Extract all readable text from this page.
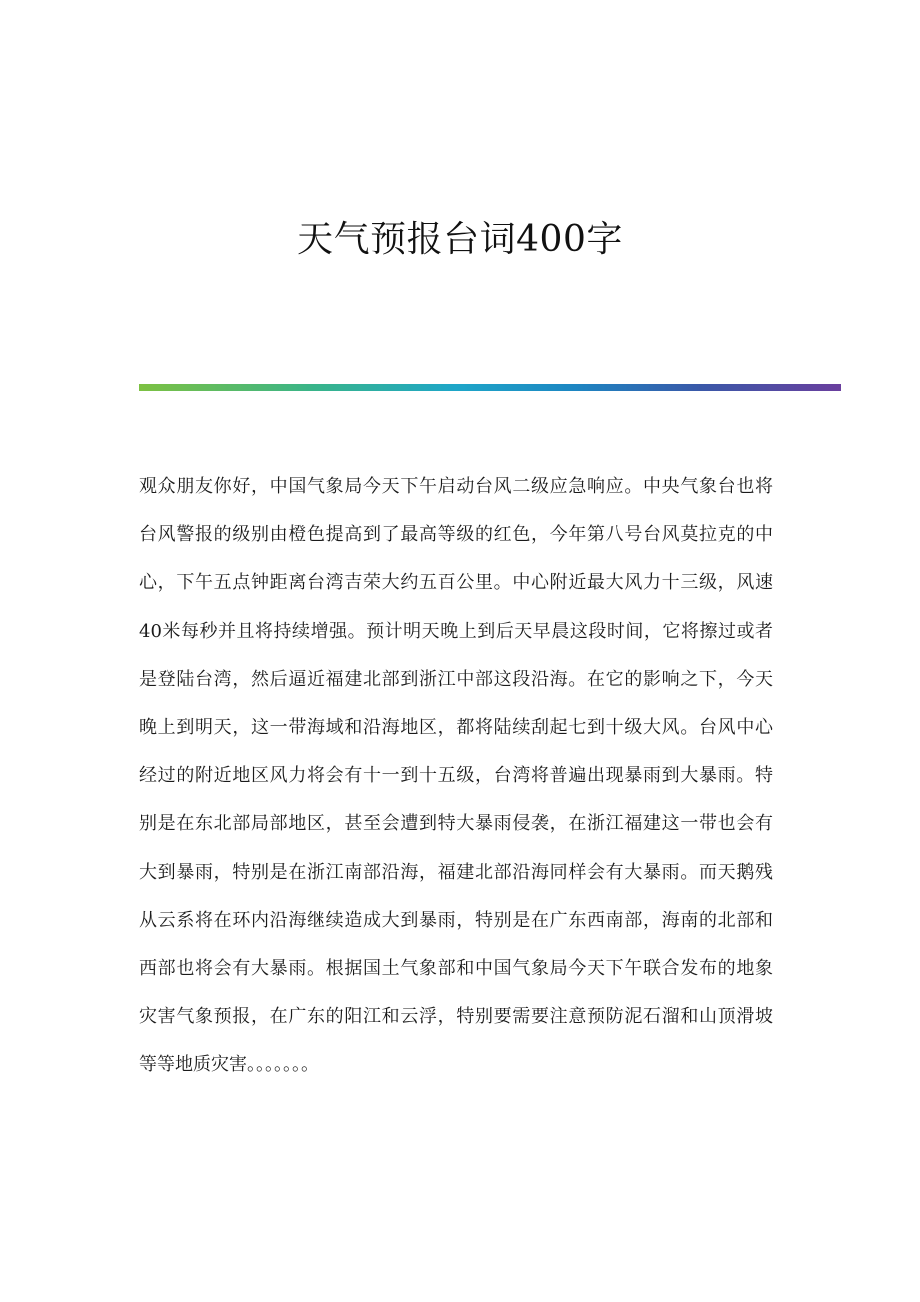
天气预报台词400字
观众朋友你好，中国气象局今天下午启动台风二级应急响应。中央气象台也将
台风警报的级别由橙色提高到了最高等级的红色，今年第八号台风莫拉克的中
心，下午五点钟距离台湾吉荣大约五百公里。中心附近最大风力十三级，风速
40米每秒并且将持续增强。预计明天晚上到后天早晨这段时间，它将擦过或者
是登陆台湾，然后逼近福建北部到浙江中部这段沿海。在它的影响之下，今天
晚上到明天，这一带海域和沿海地区，都将陆续刮起七到十级大风。台风中心
经过的附近地区风力将会有十一到十五级，台湾将普遍出现暴雨到大暴雨。特
别是在东北部局部地区，甚至会遭到特大暴雨侵袭，在浙江福建这一带也会有
大到暴雨，特别是在浙江南部沿海，福建北部沿海同样会有大暴雨。而天鹅残
从云系将在环内沿海继续造成大到暴雨，特别是在广东西南部，海南的北部和
西部也将会有大暴雨。根据国土气象部和中国气象局今天下午联合发布的地象
灾害气象预报，在广东的阳江和云浮，特别要需要注意预防泥石溜和山顶滑坡
等等地质灾害。。。。。。。
